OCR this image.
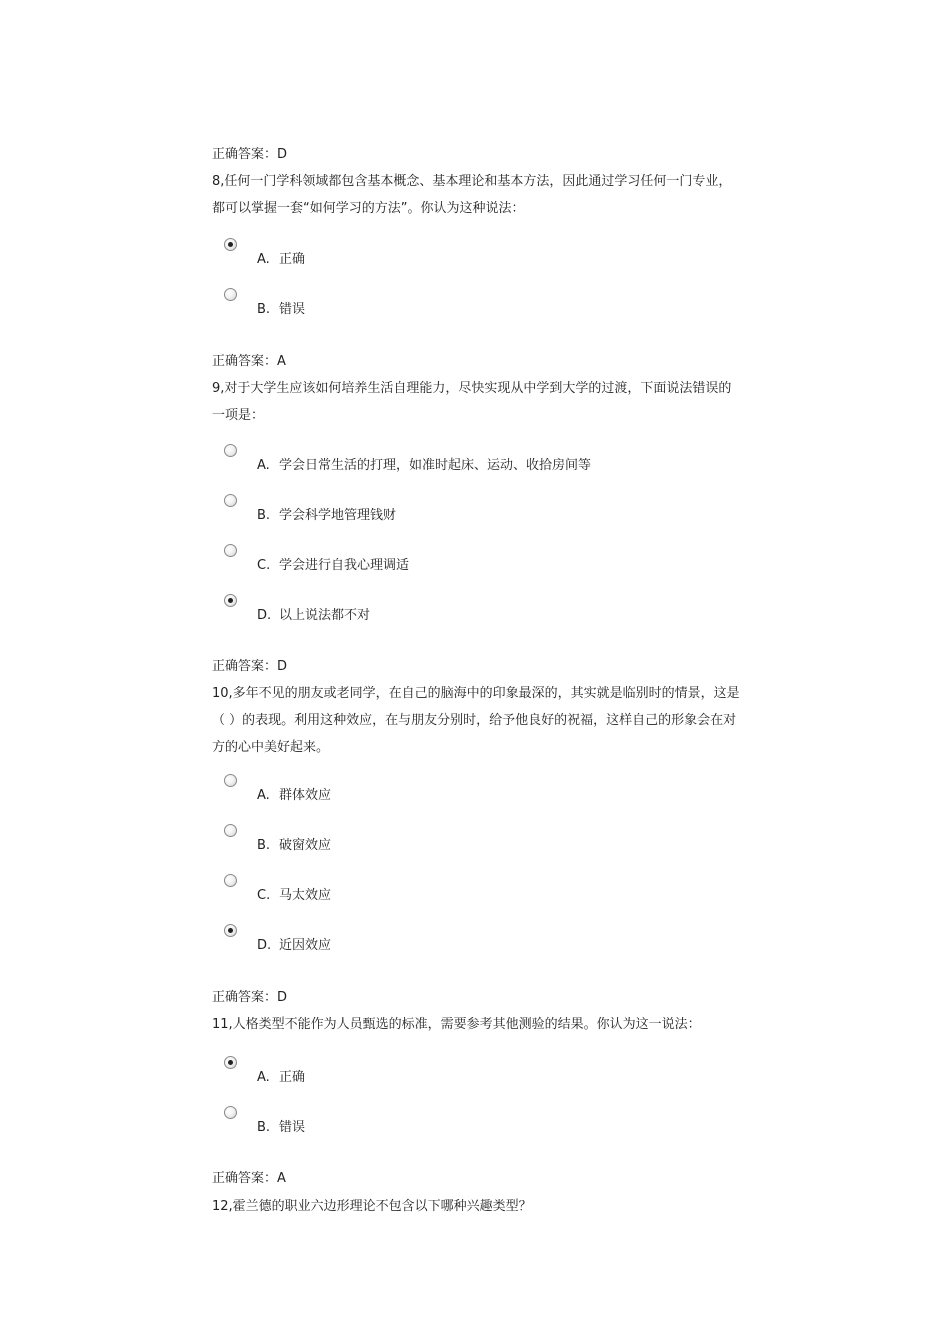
正确答案：D
8,任何一门学科领域都包含基本概念、基本理论和基本方法，因此通过学习任何一门专业，都可以掌握一套“如何学习的方法”。你认为这种说法：
A. 正确
B. 错误
正确答案：A
9,对于大学生应该如何培养生活自理能力，尽快实现从中学到大学的过渡，下面说法错误的一项是：
A. 学会日常生活的打理，如准时起床、运动、收拾房间等
B. 学会科学地管理钱财
C. 学会进行自我心理调适
D. 以上说法都不对
正确答案：D
10,多年不见的朋友或老同学，在自己的脑海中的印象最深的，其实就是临别时的情景，这是（ ）的表现。利用这种效应，在与朋友分别时，给予他良好的祝福，这样自己的形象会在对方的心中美好起来。
A. 群体效应
B. 破窗效应
C. 马太效应
D. 近因效应
正确答案：D
11,人格类型不能作为人员甄选的标准，需要参考其他测验的结果。你认为这一说法：
A. 正确
B. 错误
正确答案：A
12,霍兰德的职业六边形理论不包含以下哪种兴趣类型？
